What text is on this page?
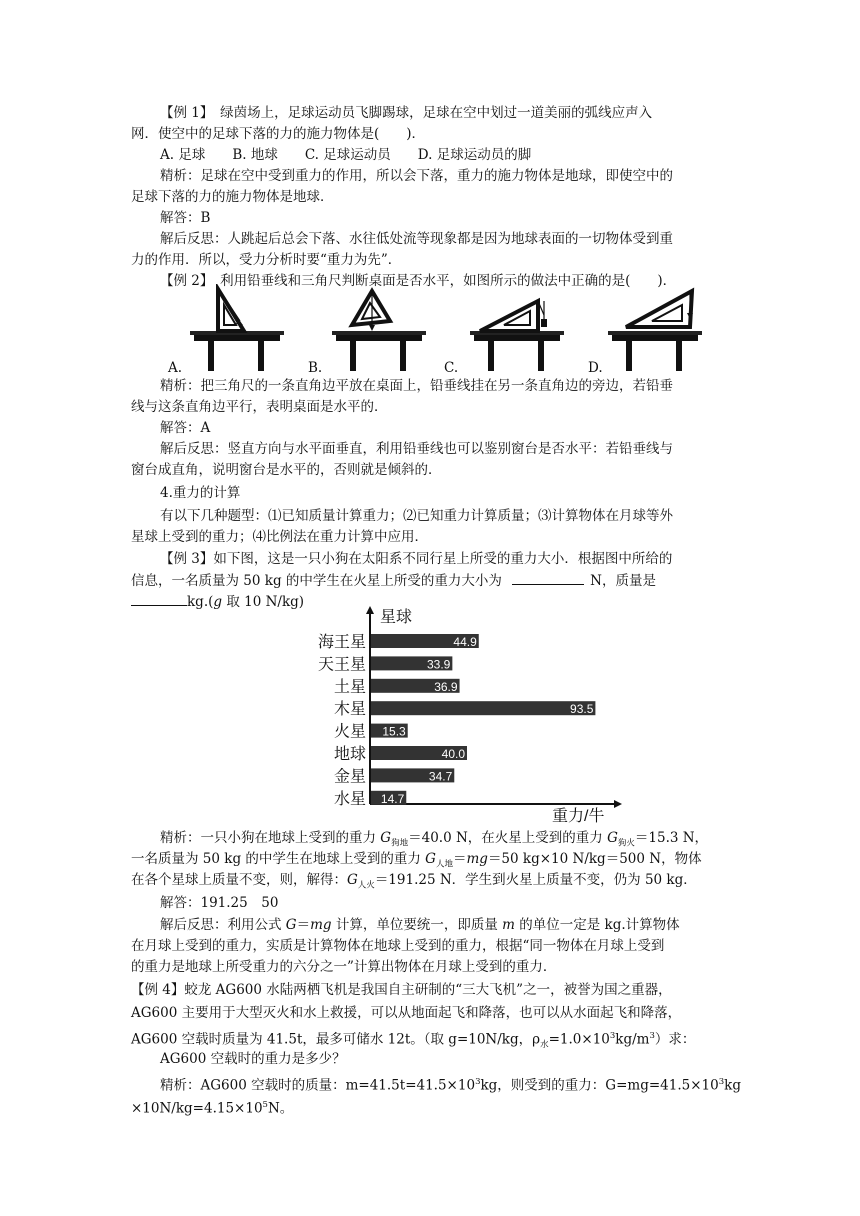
【例 1】　绿茵场上，足球运动员飞脚踢球，足球在空中划过一道美丽的弧线应声入
网．使空中的足球下落的力的施力物体是(　　)．
A. 足球　　B. 地球　　C. 足球运动员　　D. 足球运动员的脚
精析：足球在空中受到重力的作用，所以会下落，重力的施力物体是地球，即使空中的
足球下落的力的施力物体是地球．
解答：B
解后反思：人跳起后总会下落、水往低处流等现象都是因为地球表面的一切物体受到重
力的作用．所以，受力分析时要“重力为先”．
【例 2】　利用铅垂线和三角尺判断桌面是否水平，如图所示的做法中正确的是(　　)．
A.	B.	C.	D.
精析：把三角尺的一条直角边平放在桌面上，铅垂线挂在另一条直角边的旁边，若铅垂
线与这条直角边平行，表明桌面是水平的．
解答：A
解后反思：竖直方向与水平面垂直，利用铅垂线也可以鉴别窗台是否水平：若铅垂线与
窗台成直角，说明窗台是水平的，否则就是倾斜的．
4.重力的计算
有以下几种题型：⑴已知质量计算重力；⑵已知重力计算质量；⑶计算物体在月球等外
星球上受到的重力；⑷比例法在重力计算中应用．
【例 3】如下图，这是一只小狗在太阳系不同行星上所受的重力大小．根据图中所给的
信息，一名质量为 50 kg 的中学生在火星上所受的重力大小为	N，质量是
kg.(g 取 10 N/kg)
海王星	44.9
天王星	33.9
土星	36.9
木星	93.5
火星 15.3
地球	40.0
金星	34.7
水星 14.7
星球
重力/牛
精析：一只小狗在地球上受到的重力 $G_{狗地}=40.0$ N，在火星上受到的重力 $G_{狗火}=15.3$ N，
一名质量为 50 kg 的中学生在地球上受到的重力 $G_{人地}=mg=50$ kg×10 N/kg＝500 N，物体
在各个星球上质量不变，则，解得：$G_{人火}=191.25$ N．学生到火星上质量不变，仍为 50 kg．
解答：191.25　50
解后反思：利用公式 G＝mg 计算，单位要统一，即质量 m 的单位一定是 kg.计算物体
在月球上受到的重力，实质是计算物体在地球上受到的重力，根据“同一物体在月球上受到
的重力是地球上所受重力的六分之一”计算出物体在月球上受到的重力．
【例 4】蛟龙 AG600 水陆两栖飞机是我国自主研制的“三大飞机”之一，被誉为国之重器，
AG600 主要用于大型灭火和水上救援，可以从地面起飞和降落，也可以从水面起飞和降落，
AG600 空载时质量为 41.5t，最多可储水 12t。（取 g=10N/kg，$\rho_水=1.0\times 10^3kg/m^3$）求：
AG600 空载时的重力是多少？
精析：AG600 空载时的质量：$m=41.5t=41.5\times 10^3kg$，则受到的重力：$G=mg=41.5\times 10^3kg$
$\times 10N/kg=4.15\times 10^5N$。
